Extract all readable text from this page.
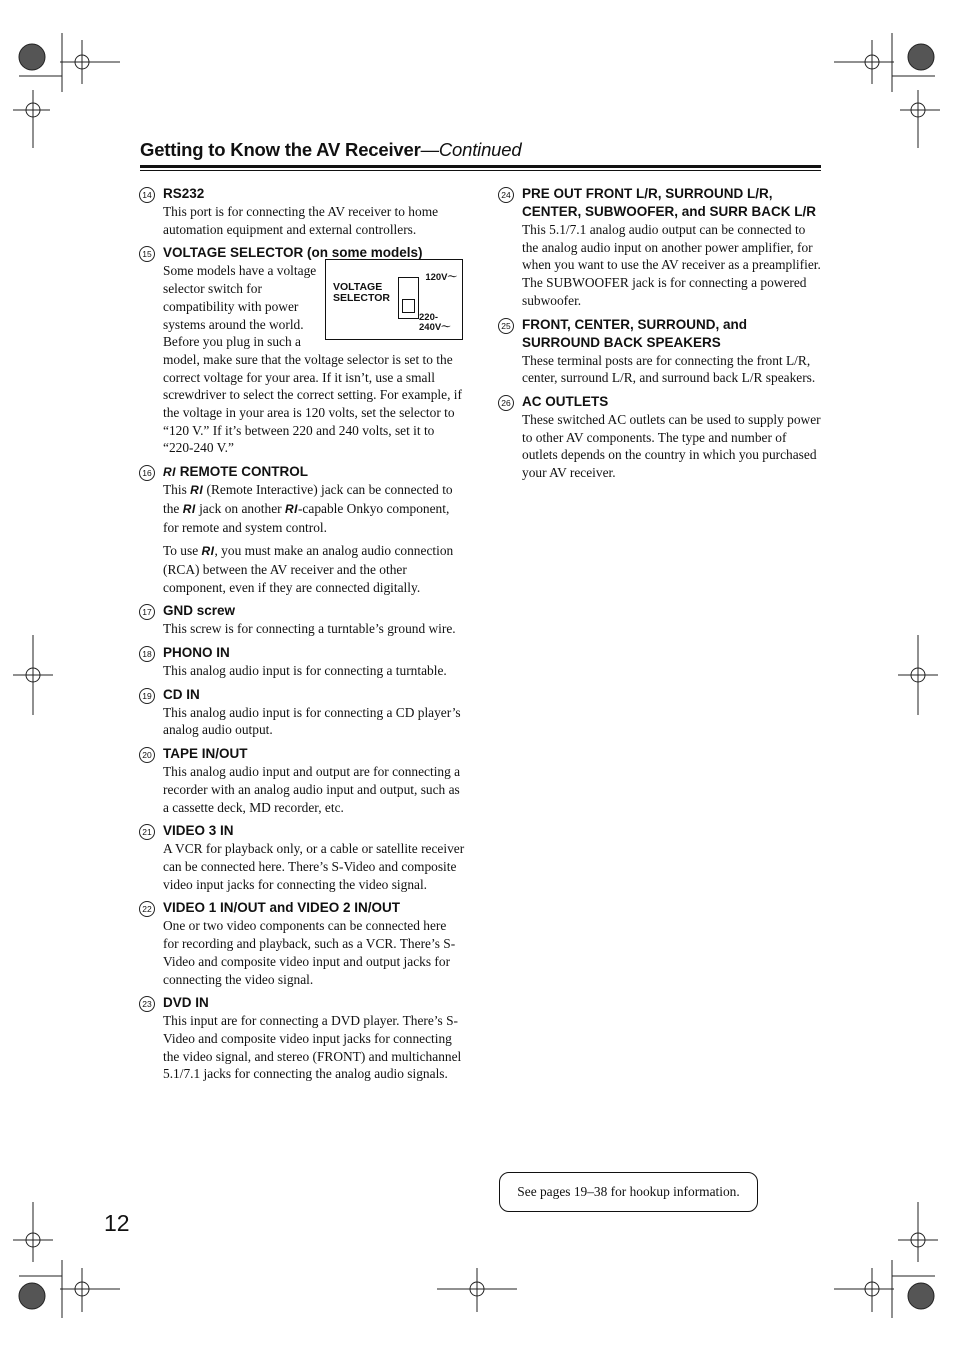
Getting to Know the AV Receiver—Continued
14 RS232

This port is for connecting the AV receiver to home automation equipment and external controllers.

15 VOLTAGE SELECTOR (on some models)
VOLTAGE
SELECTOR
120V～
220-
240V～

Some models have a voltage selector switch for compatibility with power systems around the world. Before you plug in such a model, make sure that the voltage selector is set to the correct voltage for your area. If it isn’t, use a small screwdriver to select the correct setting. For example, if the voltage in your area is 120 volts, set the selector to “120 V.” If it’s between 220 and 240 volts, set it to “220-240 V.”

16 RI REMOTE CONTROL

This RI (Remote Interactive) jack can be connected to the RI jack on another RI-capable Onkyo component, for remote and system control.

To use RI, you must make an analog audio connection (RCA) between the AV receiver and the other component, even if they are connected digitally.

17 GND screw

This screw is for connecting a turntable’s ground wire.

18 PHONO IN

This analog audio input is for connecting a turntable.

19 CD IN

This analog audio input is for connecting a CD player’s analog audio output.

20 TAPE IN/OUT

This analog audio input and output are for connecting a recorder with an analog audio input and output, such as a cassette deck, MD recorder, etc.

21 VIDEO 3 IN

A VCR for playback only, or a cable or satellite receiver can be connected here. There’s S-Video and composite video input jacks for connecting the video signal.

22 VIDEO 1 IN/OUT and VIDEO 2 IN/OUT

One or two video components can be connected here for recording and playback, such as a VCR. There’s S-Video and composite video input and output jacks for connecting the video signal.

23 DVD IN

This input are for connecting a DVD player. There’s S-Video and composite video input jacks for connecting the video signal, and stereo (FRONT) and multichannel 5.1/7.1 jacks for connecting the analog audio signals.

24 PRE OUT FRONT L/R, SURROUND L/R, CENTER, SUBWOOFER, and SURR BACK L/R

This 5.1/7.1 analog audio output can be connected to the analog audio input on another power amplifier, for when you want to use the AV receiver as a preamplifier. The SUBWOOFER jack is for connecting a powered subwoofer.

25 FRONT, CENTER, SURROUND, and SURROUND BACK SPEAKERS

These terminal posts are for connecting the front L/R, center, surround L/R, and surround back L/R speakers.

26 AC OUTLETS

These switched AC outlets can be used to supply power to other AV components. The type and number of outlets depends on the country in which you purchased your AV receiver.

See pages 19–38 for hookup information.
12
